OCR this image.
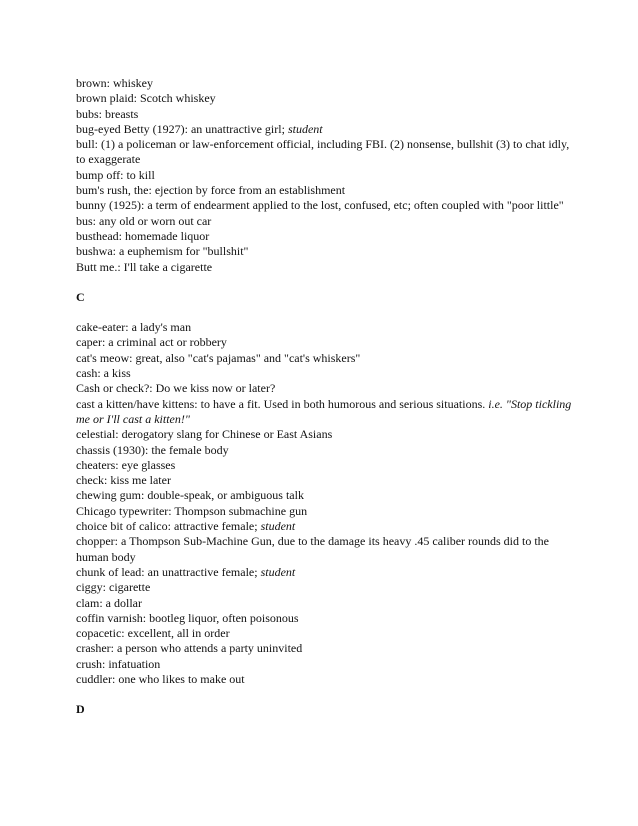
brown: whiskey
brown plaid: Scotch whiskey
bubs: breasts
bug-eyed Betty (1927): an unattractive girl; student
bull: (1) a policeman or law-enforcement official, including FBI. (2) nonsense, bullshit (3) to chat idly, to exaggerate
bump off: to kill
bum's rush, the: ejection by force from an establishment
bunny (1925): a term of endearment applied to the lost, confused, etc; often coupled with "poor little"
bus: any old or worn out car
busthead: homemade liquor
bushwa: a euphemism for "bullshit"
Butt me.: I'll take a cigarette
C
cake-eater: a lady's man
caper: a criminal act or robbery
cat's meow: great, also "cat's pajamas" and "cat's whiskers"
cash: a kiss
Cash or check?: Do we kiss now or later?
cast a kitten/have kittens: to have a fit. Used in both humorous and serious situations. i.e. "Stop tickling me or I'll cast a kitten!"
celestial: derogatory slang for Chinese or East Asians
chassis (1930): the female body
cheaters: eye glasses
check: kiss me later
chewing gum: double-speak, or ambiguous talk
Chicago typewriter: Thompson submachine gun
choice bit of calico: attractive female; student
chopper: a Thompson Sub-Machine Gun, due to the damage its heavy .45 caliber rounds did to the human body
chunk of lead: an unattractive female; student
ciggy: cigarette
clam: a dollar
coffin varnish: bootleg liquor, often poisonous
copacetic: excellent, all in order
crasher: a person who attends a party uninvited
crush: infatuation
cuddler: one who likes to make out
D
